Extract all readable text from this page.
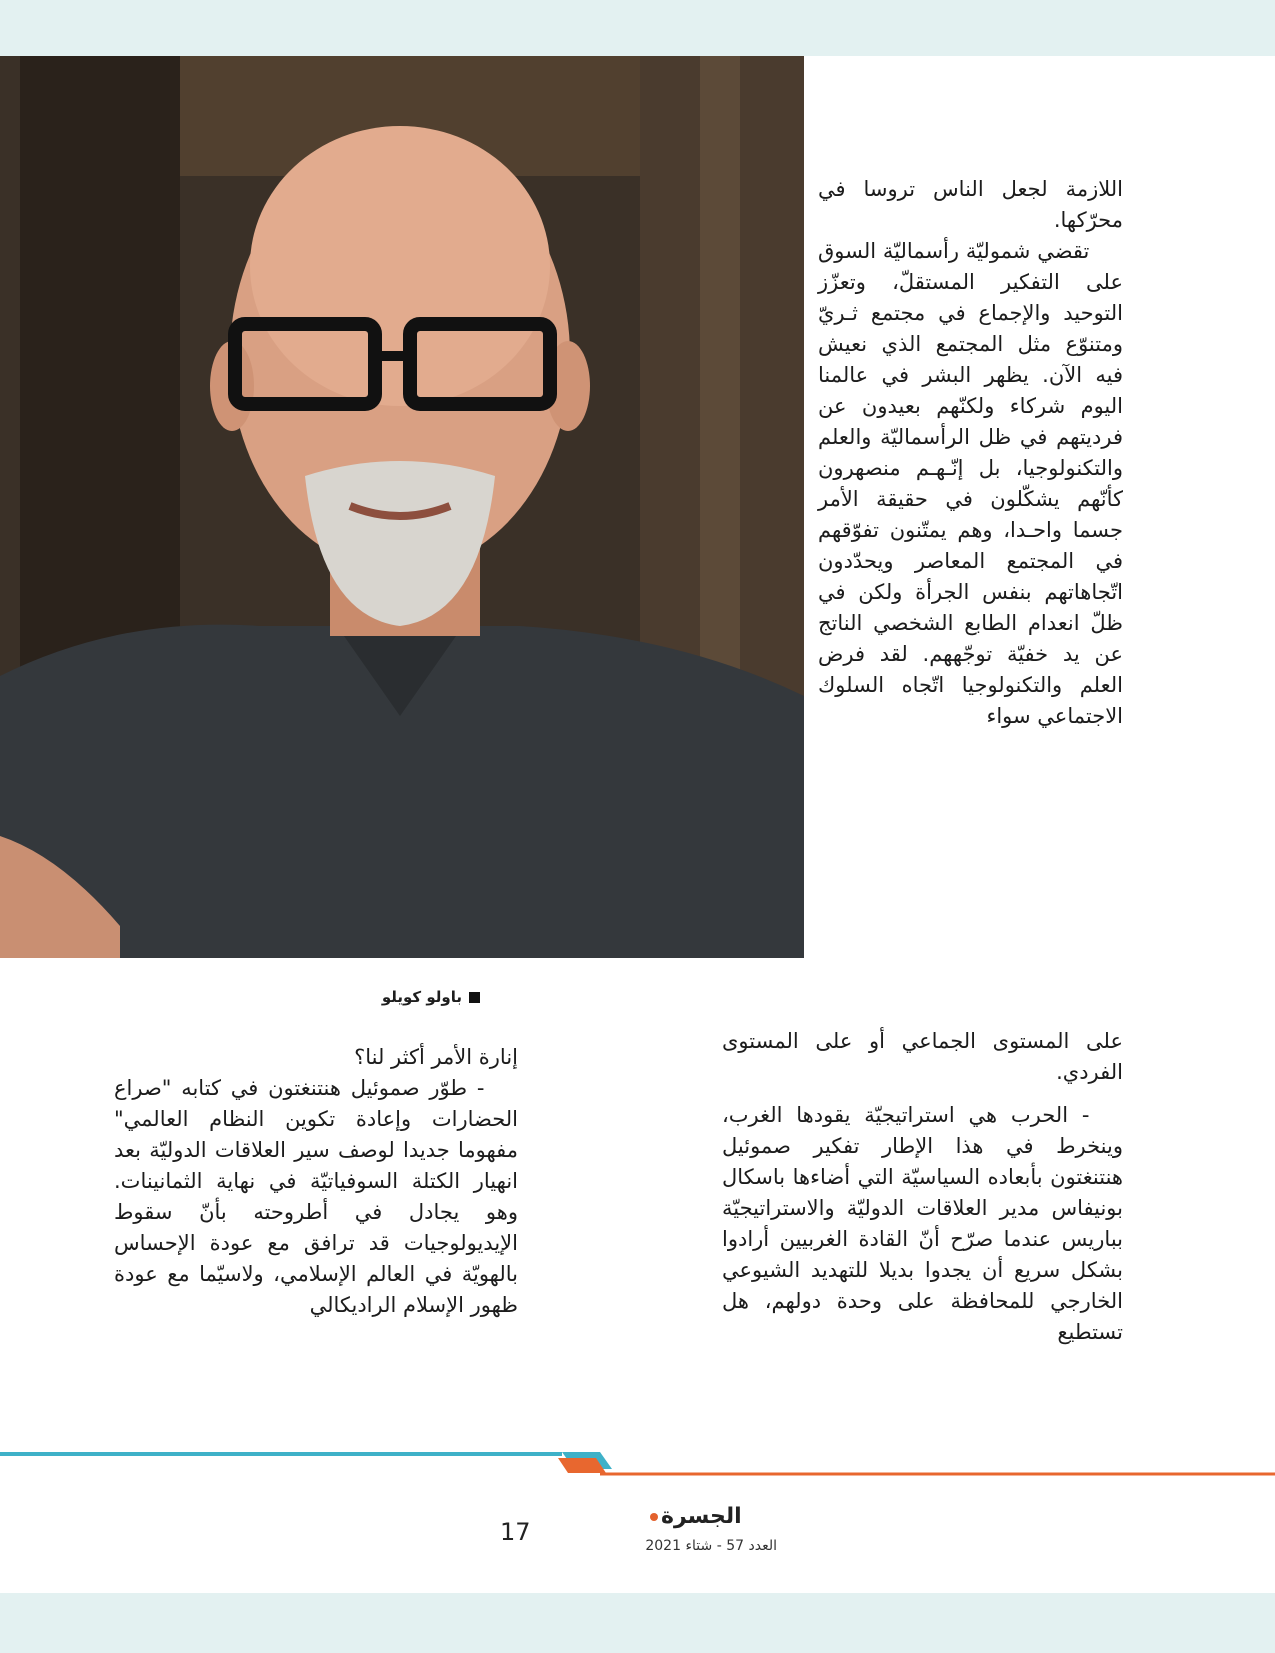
باولو كويلو

اللازمة لجعل الناس تروسا في محرّكها.

تقضي شموليّة رأسماليّة السوق على التفكير المستقلّ، وتعزّز التوحيد والإجماع في مجتمع ثـريّ ومتنوّع مثل المجتمع الذي نعيش فيه الآن. يظهر البشر في عالمنا اليوم شركاء ولكنّهم بعيدون عن فرديتهم في ظل الرأسماليّة والعلم والتكنولوجيا، بل إنّـهـم منصهرون كأنّهم يشكّلون في حقيقة الأمر جسما واحـدا، وهم يمتّنون تفوّقهم في المجتمع المعاصر ويحدّدون اتّجاهاتهم بنفس الجرأة ولكن في ظلّ انعدام الطابع الشخصي الناتج عن يد خفيّة توجّههم. لقد فرض العلم والتكنولوجيا اتّجاه السلوك الاجتماعي سواء

على المستوى الجماعي أو على المستوى الفردي.

- الحرب هي استراتيجيّة يقودها الغرب، وينخرط في هذا الإطار تفكير صموئيل هنتنغتون بأبعاده السياسيّة التي أضاءها باسكال بونيفاس مدير العلاقات الدوليّة والاستراتيجيّة بباريس عندما صرّح أنّ القادة الغربيين أرادوا بشكل سريع أن يجدوا بديلا للتهديد الشيوعي الخارجي للمحافظة على وحدة دولهم، هل تستطيع

إنارة الأمر أكثر لنا؟

- طوّر صموئيل هنتنغتون في كتابه "صراع الحضارات وإعادة تكوين النظام العالمي" مفهوما جديدا لوصف سير العلاقات الدوليّة بعد انهيار الكتلة السوفياتيّة في نهاية الثمانينات. وهو يجادل في أطروحته بأنّ سقوط الإيديولوجيات قد ترافق مع عودة الإحساس بالهويّة في العالم الإسلامي، ولاسيّما مع عودة ظهور الإسلام الراديكالي

17
الجسرة
العدد 57 - شتاء 2021
